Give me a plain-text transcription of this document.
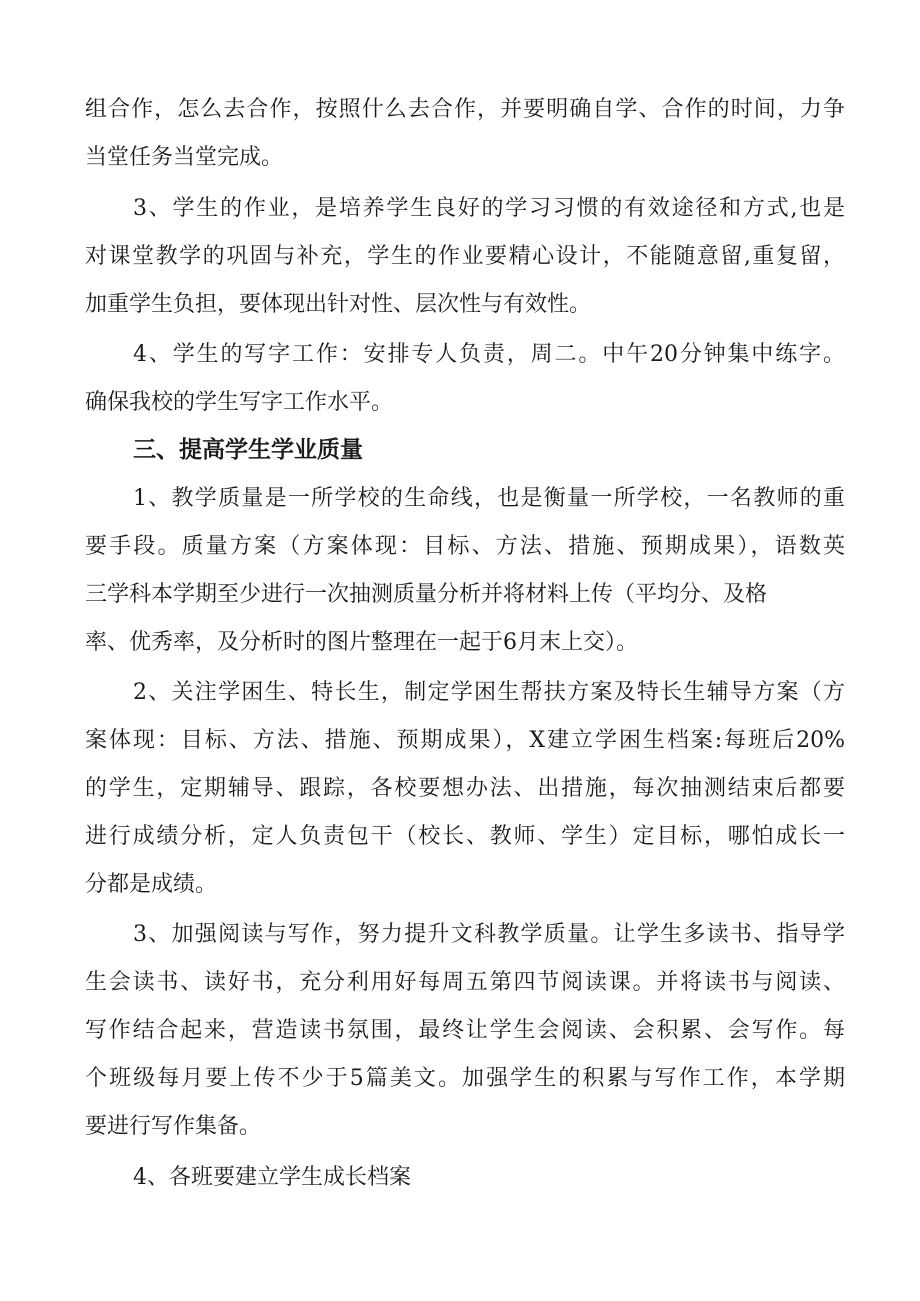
组合作，怎么去合作，按照什么去合作，并要明确自学、合作的时间，力争
当堂任务当堂完成。
3、学生的作业，是培养学生良好的学习习惯的有效途径和方式,也是
对课堂教学的巩固与补充，学生的作业要精心设计，不能随意留,重复留，
加重学生负担，要体现出针对性、层次性与有效性。
4、学生的写字工作：安排专人负责，周二。中午20分钟集中练字。
确保我校的学生写字工作水平。
三、提高学生学业质量
1、教学质量是一所学校的生命线，也是衡量一所学校，一名教师的重
要手段。质量方案（方案体现：目标、方法、措施、预期成果），语数英
三学科本学期至少进行一次抽测质量分析并将材料上传（平均分、及格
率、优秀率，及分析时的图片整理在一起于6月末上交）。
2、关注学困生、特长生，制定学困生帮扶方案及特长生辅导方案（方
案体现：目标、方法、措施、预期成果），X建立学困生档案:每班后20%
的学生，定期辅导、跟踪，各校要想办法、出措施，每次抽测结束后都要
进行成绩分析，定人负责包干（校长、教师、学生）定目标，哪怕成长一
分都是成绩。
3、加强阅读与写作，努力提升文科教学质量。让学生多读书、指导学
生会读书、读好书，充分利用好每周五第四节阅读课。并将读书与阅读、
写作结合起来，营造读书氛围，最终让学生会阅读、会积累、会写作。每
个班级每月要上传不少于5篇美文。加强学生的积累与写作工作，本学期
要进行写作集备。
4、各班要建立学生成长档案
